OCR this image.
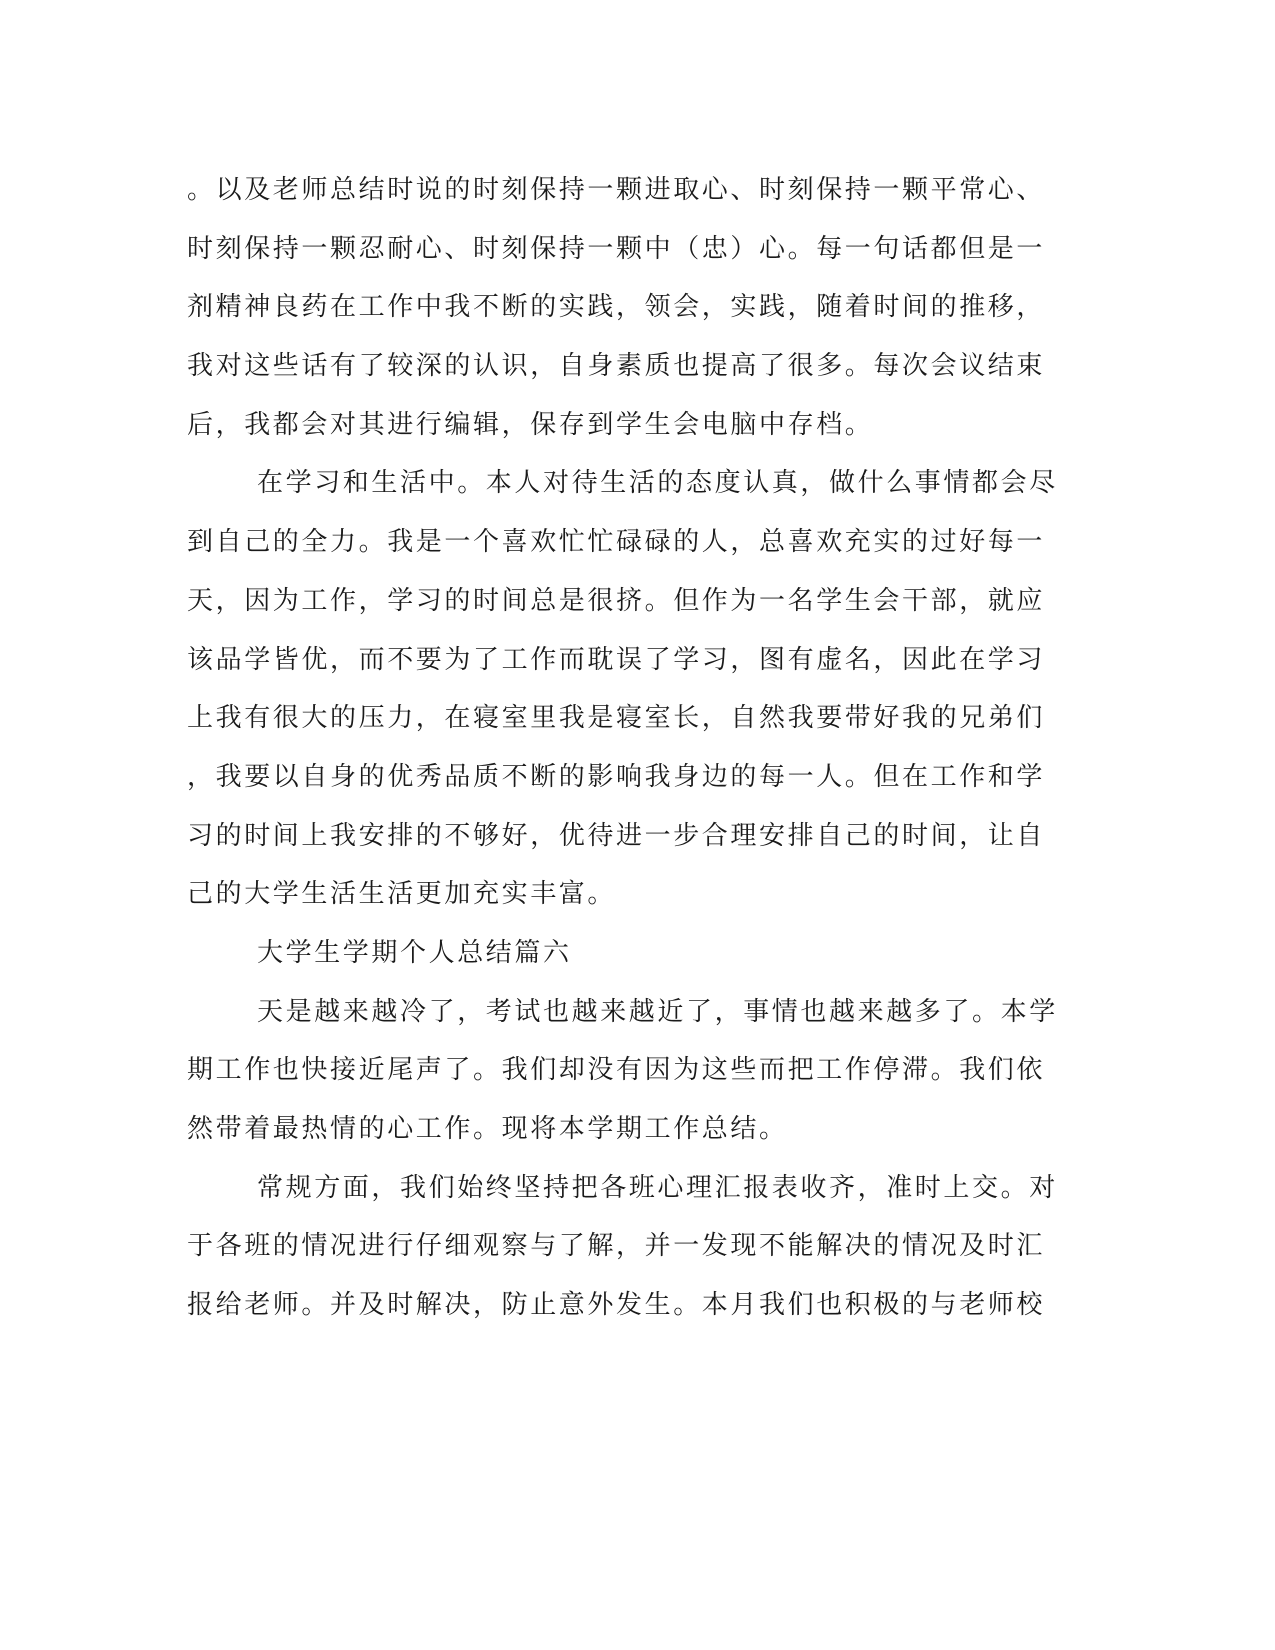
。以及老师总结时说的时刻保持一颗进取心、时刻保持一颗平常心、
时刻保持一颗忍耐心、时刻保持一颗中（忠）心。每一句话都但是一
剂精神良药在工作中我不断的实践，领会，实践，随着时间的推移，
我对这些话有了较深的认识，自身素质也提高了很多。每次会议结束
后，我都会对其进行编辑，保存到学生会电脑中存档。
在学习和生活中。本人对待生活的态度认真，做什么事情都会尽
到自己的全力。我是一个喜欢忙忙碌碌的人，总喜欢充实的过好每一
天，因为工作，学习的时间总是很挤。但作为一名学生会干部，就应
该品学皆优，而不要为了工作而耽误了学习，图有虚名，因此在学习
上我有很大的压力，在寝室里我是寝室长，自然我要带好我的兄弟们
，我要以自身的优秀品质不断的影响我身边的每一人。但在工作和学
习的时间上我安排的不够好，优待进一步合理安排自己的时间，让自
己的大学生活生活更加充实丰富。
大学生学期个人总结篇六
天是越来越冷了，考试也越来越近了，事情也越来越多了。本学
期工作也快接近尾声了。我们却没有因为这些而把工作停滞。我们依
然带着最热情的心工作。现将本学期工作总结。
常规方面，我们始终坚持把各班心理汇报表收齐，准时上交。对
于各班的情况进行仔细观察与了解，并一发现不能解决的情况及时汇
报给老师。并及时解决，防止意外发生。本月我们也积极的与老师校
